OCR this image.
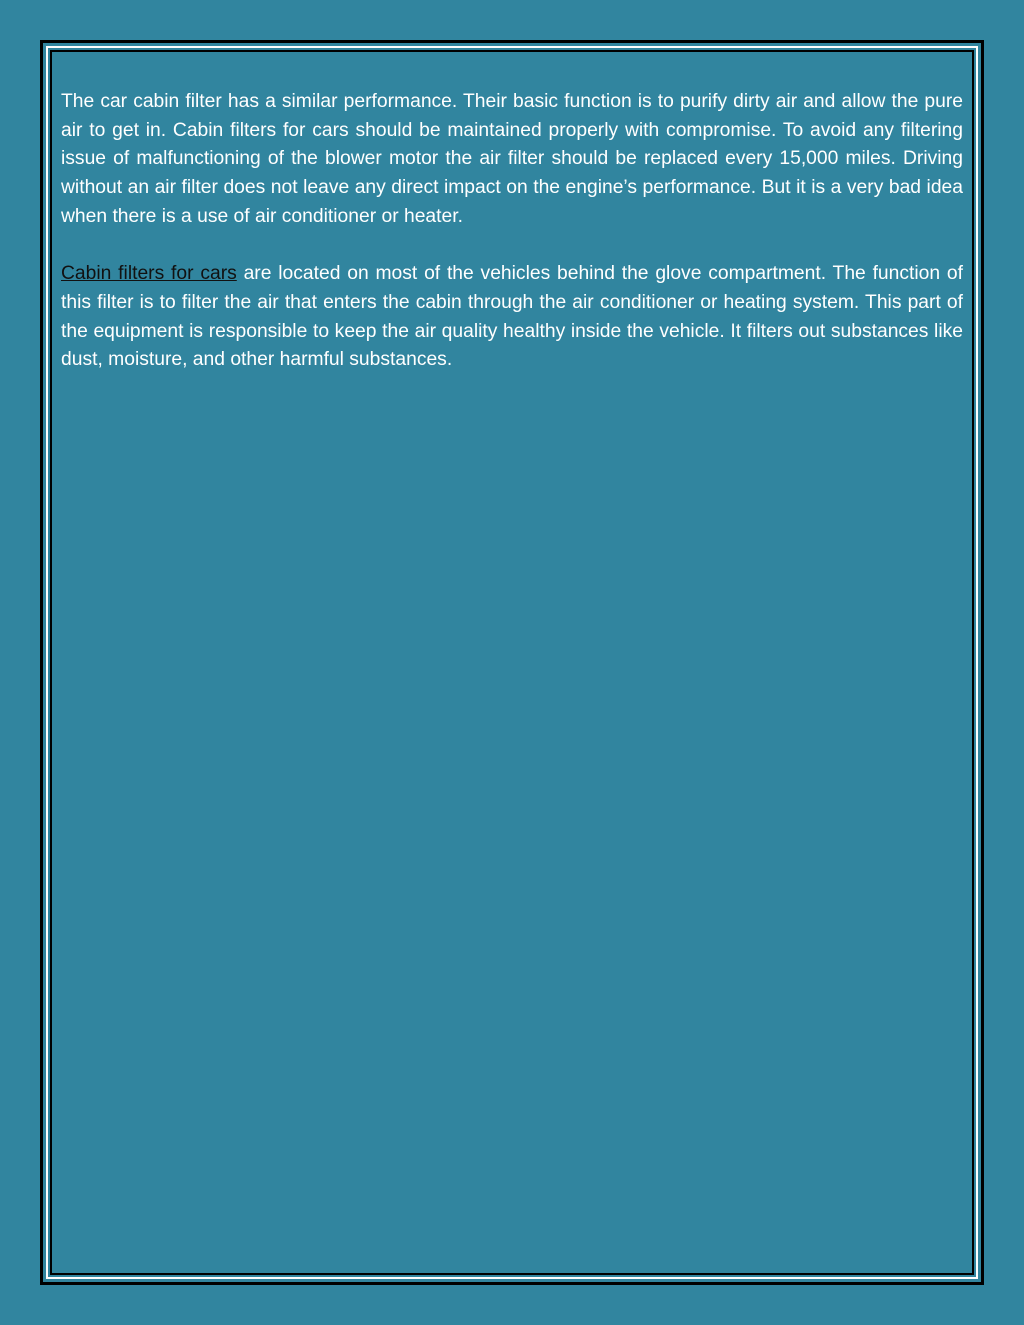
The car cabin filter has a similar performance. Their basic function is to purify dirty air and allow the pure air to get in. Cabin filters for cars should be maintained properly with compromise. To avoid any filtering issue of malfunctioning of the blower motor the air filter should be replaced every 15,000 miles. Driving without an air filter does not leave any direct impact on the engine’s performance. But it is a very bad idea when there is a use of air conditioner or heater.

Cabin filters for cars are located on most of the vehicles behind the glove compartment. The function of this filter is to filter the air that enters the cabin through the air conditioner or heating system. This part of the equipment is responsible to keep the air quality healthy inside the vehicle. It filters out substances like dust, moisture, and other harmful substances.
